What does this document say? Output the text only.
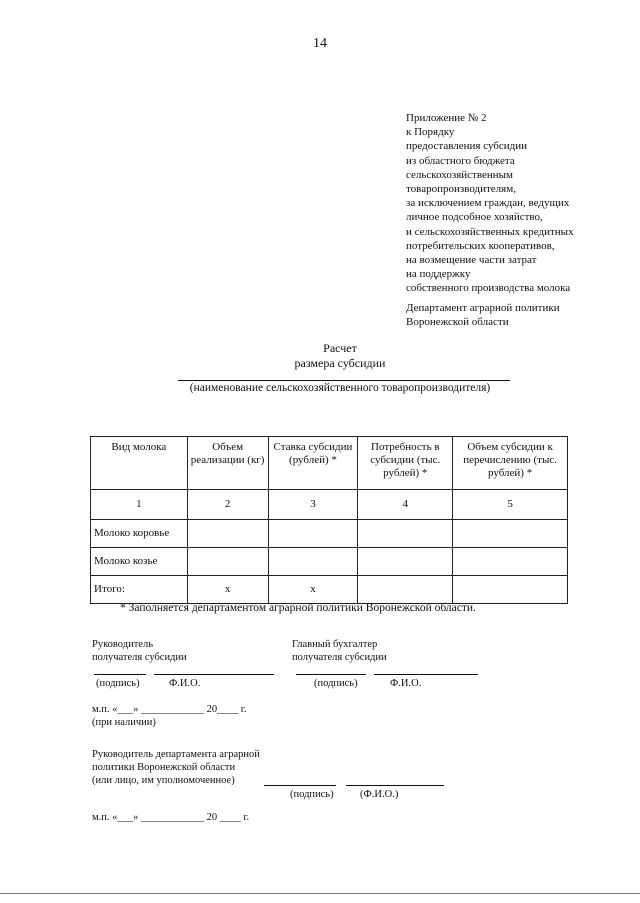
14
Приложение № 2
к Порядку
предоставления субсидии
из областного бюджета
сельскохозяйственным
товаропроизводителям,
за исключением граждан, ведущих
личное подсобное хозяйство,
и сельскохозяйственных кредитных
потребительских кооперативов,
на возмещение части затрат
на поддержку
собственного производства молока
Департамент аграрной политики
Воронежской области
Расчет
размера субсидии
(наименование сельскохозяйственного товаропроизводителя)
Вид молока	Объем реализации (кг)	Ставка субсидии (рублей) *	Потребность в субсидии (тыс. рублей) *	Объем субсидии к перечислению (тыс. рублей) *
1	2	3	4	5
Молоко коровье				
Молоко козье				
Итого:	х	х		
* Заполняется департаментом аграрной политики Воронежской области.
Руководитель
получателя субсидии
(подпись)	Ф.И.О.
Главный бухгалтер
получателя субсидии
(подпись)	Ф.И.О.
м.п. «___» ____________ 20____ г.
(при наличии)
Руководитель департамента аграрной
политики Воронежской области
(или лицо, им уполномоченное)
(подпись)	(Ф.И.О.)
м.п. «___» ____________ 20 ____ г.
